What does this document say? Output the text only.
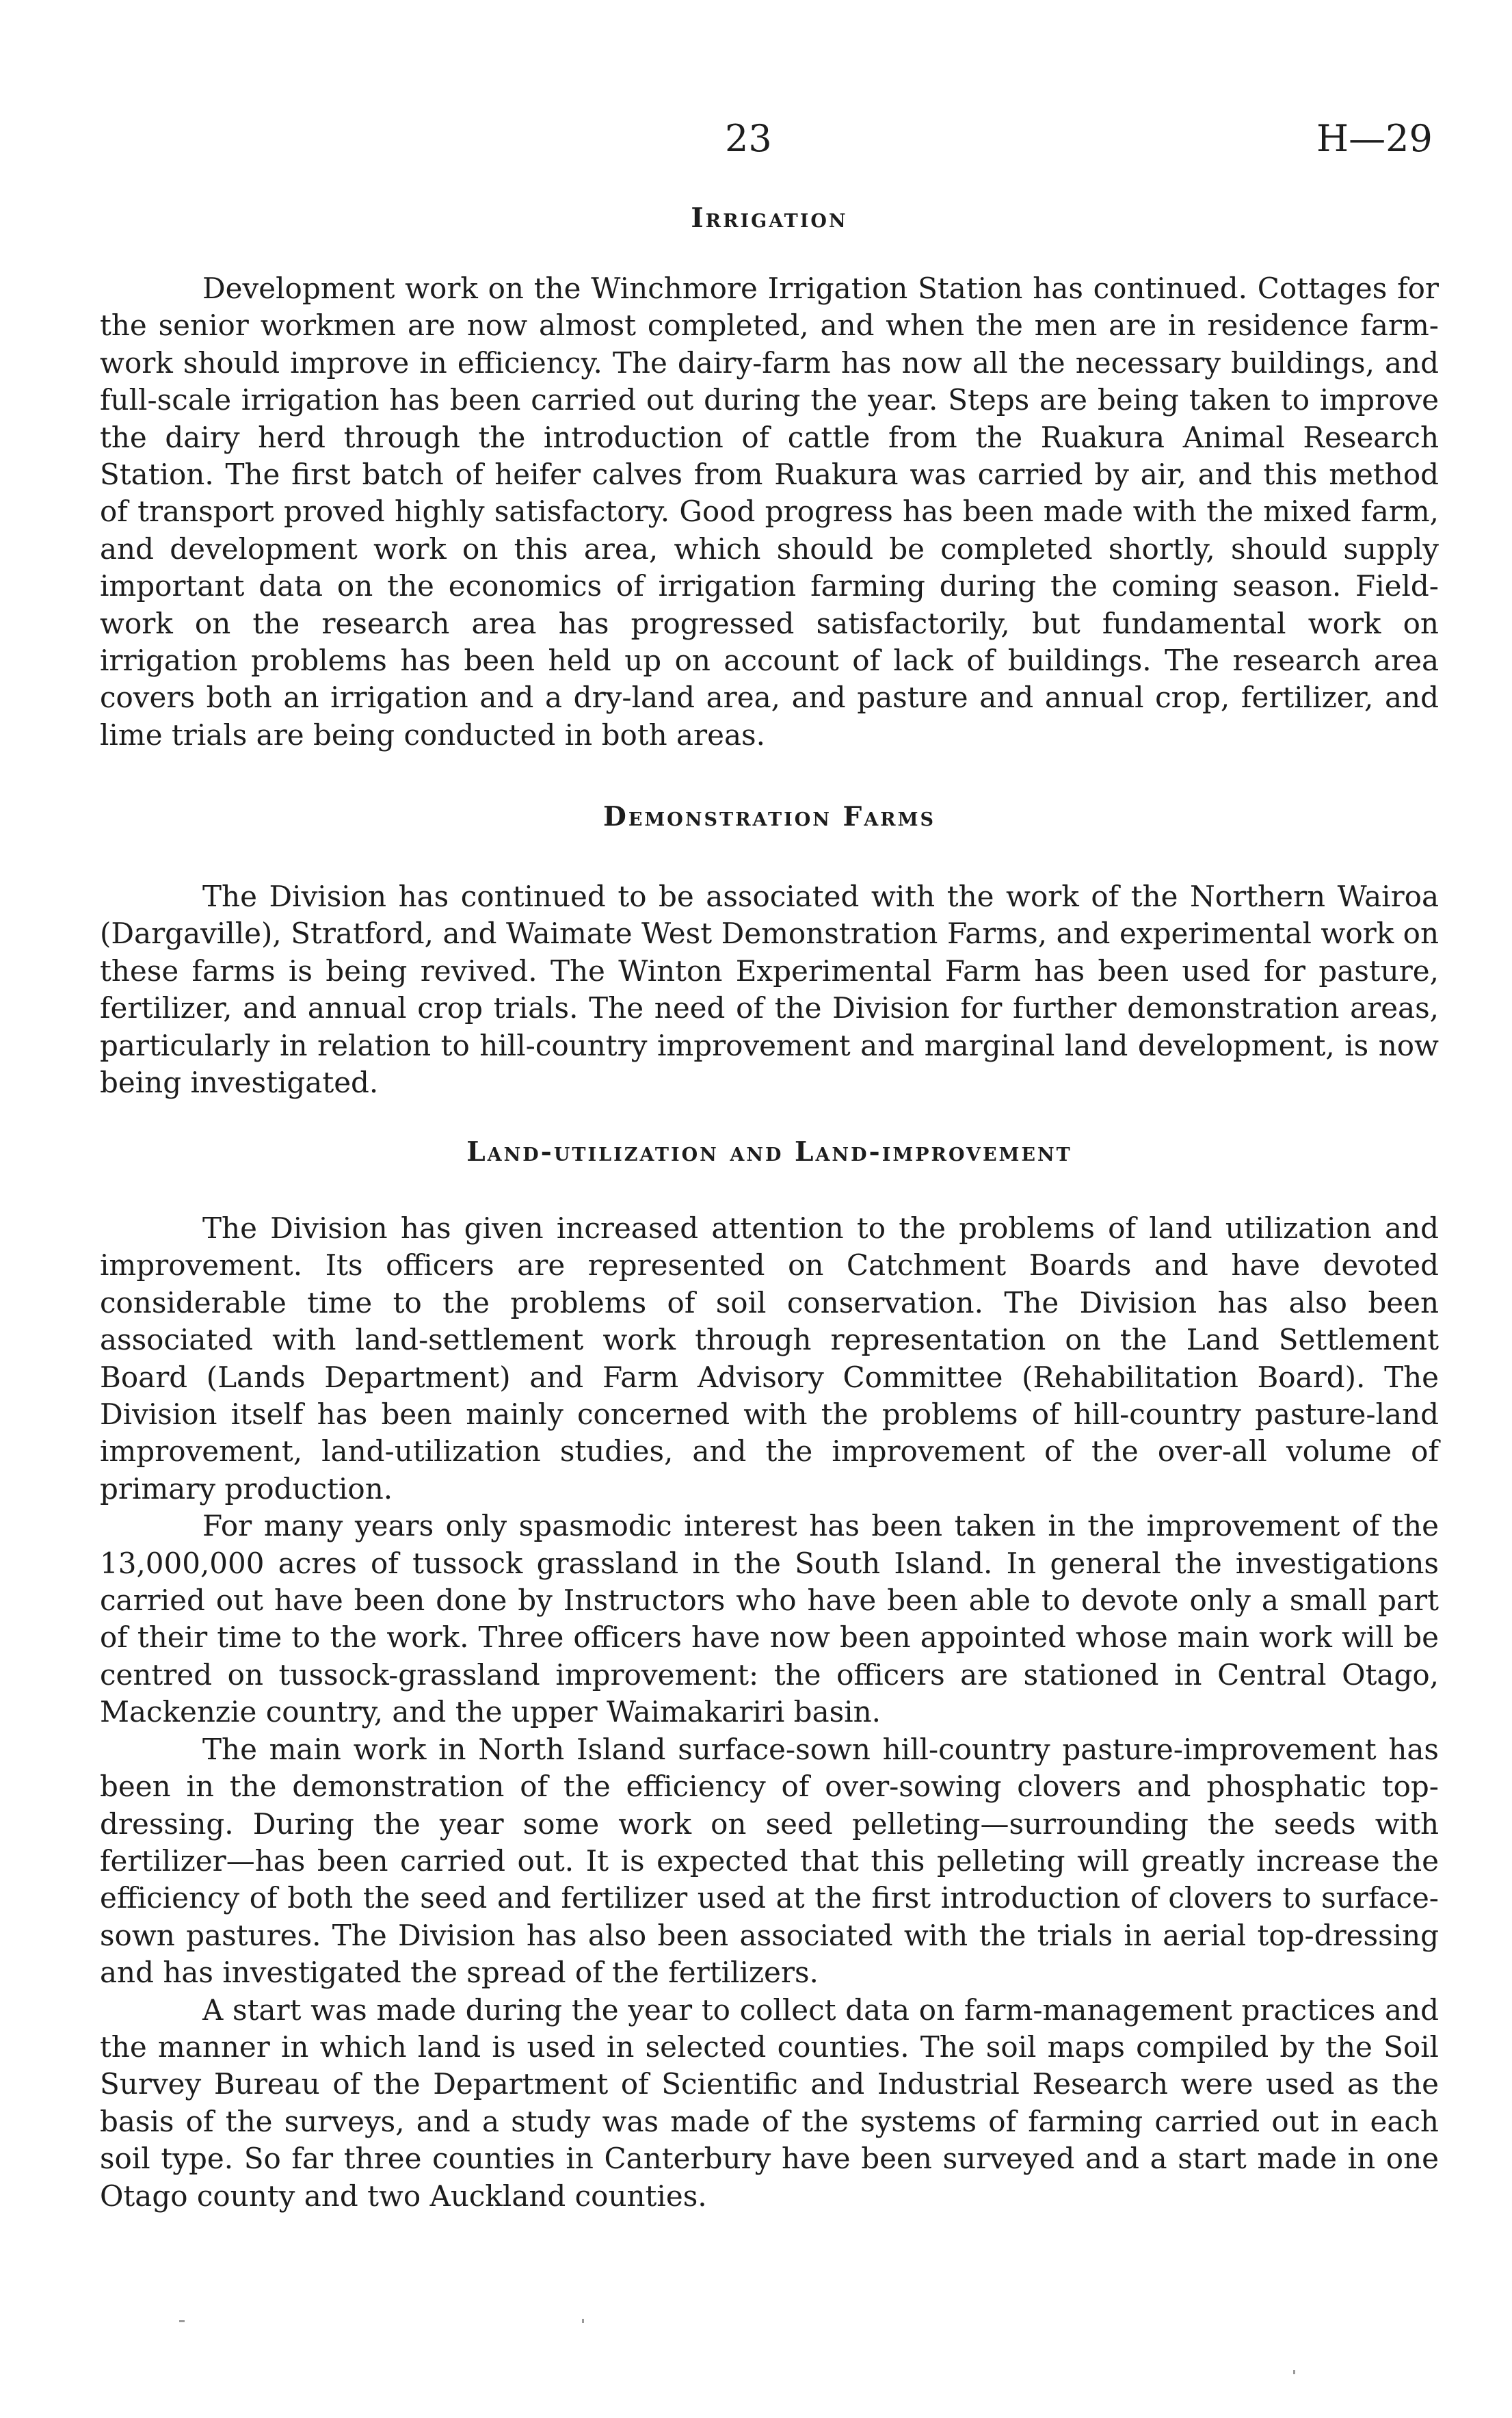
23	H—29
Irrigation

Development work on the Winchmore Irrigation Station has continued. Cottages for the senior workmen are now almost completed, and when the men are in residence farm-work should improve in efficiency. The dairy-farm has now all the necessary buildings, and full-scale irrigation has been carried out during the year. Steps are being taken to improve the dairy herd through the introduction of cattle from the Ruakura Animal Research Station. The first batch of heifer calves from Ruakura was carried by air, and this method of transport proved highly satisfactory. Good progress has been made with the mixed farm, and development work on this area, which should be completed shortly, should supply important data on the economics of irrigation farming during the coming season. Field-work on the research area has progressed satisfactorily, but fundamental work on irrigation problems has been held up on account of lack of buildings. The research area covers both an irrigation and a dry-land area, and pasture and annual crop, fertilizer, and lime trials are being conducted in both areas.

Demonstration Farms

The Division has continued to be associated with the work of the Northern Wairoa (Dargaville), Stratford, and Waimate West Demonstration Farms, and experimental work on these farms is being revived. The Winton Experimental Farm has been used for pasture, fertilizer, and annual crop trials. The need of the Division for further demonstration areas, particularly in relation to hill-country improvement and marginal land development, is now being investigated.

Land-utilization and Land-improvement

The Division has given increased attention to the problems of land utilization and improvement. Its officers are represented on Catchment Boards and have devoted considerable time to the problems of soil conservation. The Division has also been associated with land-settlement work through representation on the Land Settlement Board (Lands Department) and Farm Advisory Committee (Rehabilitation Board). The Division itself has been mainly concerned with the problems of hill-country pasture-land improvement, land-utilization studies, and the improvement of the over-all volume of primary production.

For many years only spasmodic interest has been taken in the improvement of the 13,000,000 acres of tussock grassland in the South Island. In general the investigations carried out have been done by Instructors who have been able to devote only a small part of their time to the work. Three officers have now been appointed whose main work will be centred on tussock-grassland improvement: the officers are stationed in Central Otago, Mackenzie country, and the upper Waimakariri basin.

The main work in North Island surface-sown hill-country pasture-improvement has been in the demonstration of the efficiency of over-sowing clovers and phosphatic top-dressing. During the year some work on seed pelleting—surrounding the seeds with fertilizer—has been carried out. It is expected that this pelleting will greatly increase the efficiency of both the seed and fertilizer used at the first introduction of clovers to surface-sown pastures. The Division has also been associated with the trials in aerial top-dressing and has investigated the spread of the fertilizers.

A start was made during the year to collect data on farm-management practices and the manner in which land is used in selected counties. The soil maps compiled by the Soil Survey Bureau of the Department of Scientific and Industrial Research were used as the basis of the surveys, and a study was made of the systems of farming carried out in each soil type. So far three counties in Canterbury have been surveyed and a start made in one Otago county and two Auckland counties.
